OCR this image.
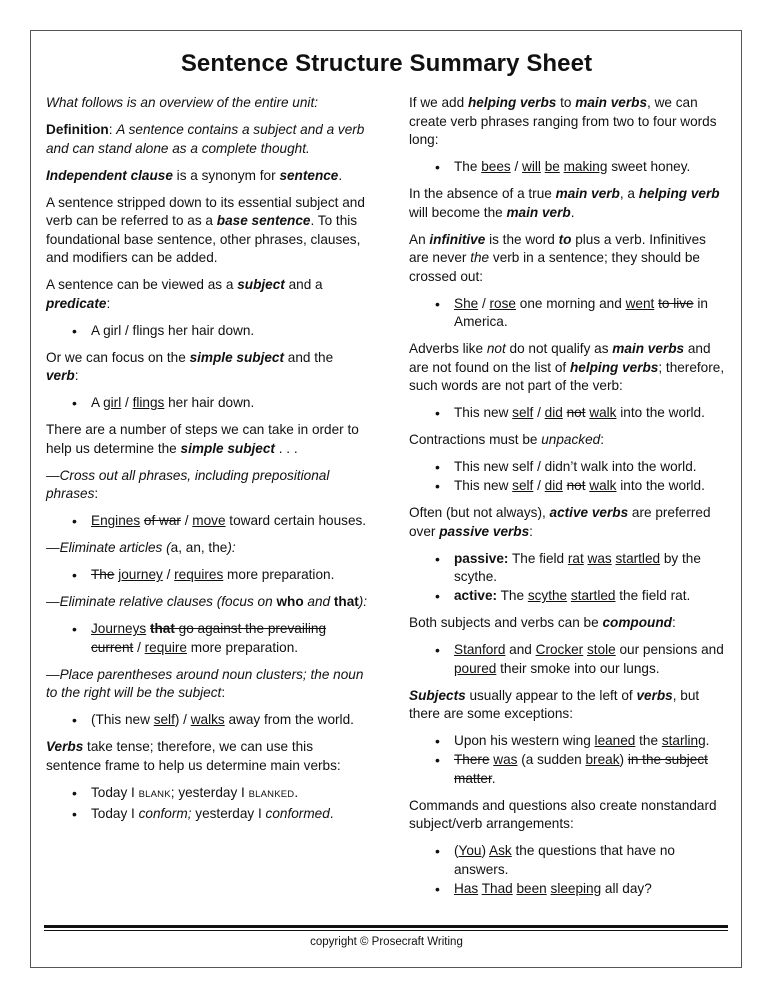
Sentence Structure Summary Sheet

What follows is an overview of the entire unit:

Definition: A sentence contains a subject and a verb and can stand alone as a complete thought.

Independent clause is a synonym for sentence.

A sentence stripped down to its essential subject and verb can be referred to as a base sentence. To this foundational base sentence, other phrases, clauses, and modifiers can be added.

A sentence can be viewed as a subject and a predicate:

• A girl / flings her hair down.

Or we can focus on the simple subject and the verb:

• A girl / flings her hair down.

There are a number of steps we can take in order to help us determine the simple subject . . .

—Cross out all phrases, including prepositional phrases:

• Engines of war / move toward certain houses.

—Eliminate articles (a, an, the):

• The journey / requires more preparation.

—Eliminate relative clauses (focus on who and that):

• Journeys that go against the prevailing current / require more preparation.

—Place parentheses around noun clusters; the noun to the right will be the subject:

• (This new self) / walks away from the world.

Verbs take tense; therefore, we can use this sentence frame to help us determine main verbs:

• Today I BLANK; yesterday I BLANKED.
• Today I conform; yesterday I conformed.

If we add helping verbs to main verbs, we can create verb phrases ranging from two to four words long:

• The bees / will be making sweet honey.

In the absence of a true main verb, a helping verb will become the main verb.

An infinitive is the word to plus a verb. Infinitives are never the verb in a sentence; they should be crossed out:

• She / rose one morning and went to live in America.

Adverbs like not do not qualify as main verbs and are not found on the list of helping verbs; therefore, such words are not part of the verb:

• This new self / did not walk into the world.

Contractions must be unpacked:

• This new self / didn’t walk into the world.
• This new self / did not walk into the world.

Often (but not always), active verbs are preferred over passive verbs:

• passive: The field rat was startled by the scythe.
• active: The scythe startled the field rat.

Both subjects and verbs can be compound:

• Stanford and Crocker stole our pensions and poured their smoke into our lungs.

Subjects usually appear to the left of verbs, but there are some exceptions:

• Upon his western wing leaned the starling.
• There was (a sudden break) in the subject matter.

Commands and questions also create nonstandard subject/verb arrangements:

• (You) Ask the questions that have no answers.
• Has Thad been sleeping all day?
copyright © Prosecraft Writing
